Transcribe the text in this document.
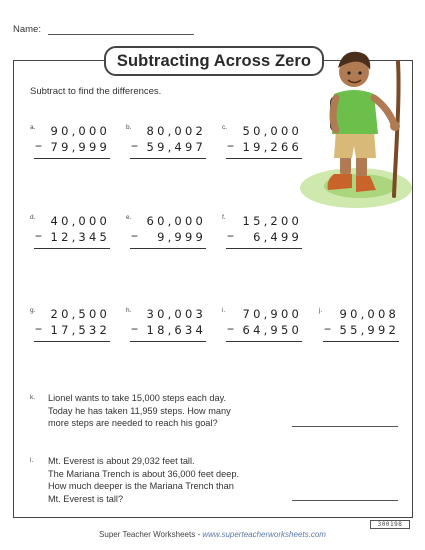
Name:
Subtracting Across Zero
Subtract to find the differences.
a. 90,000
− 79,999
b. 80,002
− 59,497
c. 50,000
− 19,266
d. 40,000
− 12,345
e. 60,000
− 9,999
f. 15,200
− 6,499
g. 20,500
− 17,532
h. 30,003
− 18,634
i. 70,900
− 64,950
j. 90,008
− 55,992
k. Lionel wants to take 15,000 steps each day.
Today he has taken 11,959 steps. How many
more steps are needed to reach his goal?
l. Mt. Everest is about 29,032 feet tall.
The Mariana Trench is about 36,000 feet deep.
How much deeper is the Mariana Trench than
Mt. Everest is tall?
Super Teacher Worksheets - www.superteacherworksheets.com
300198
